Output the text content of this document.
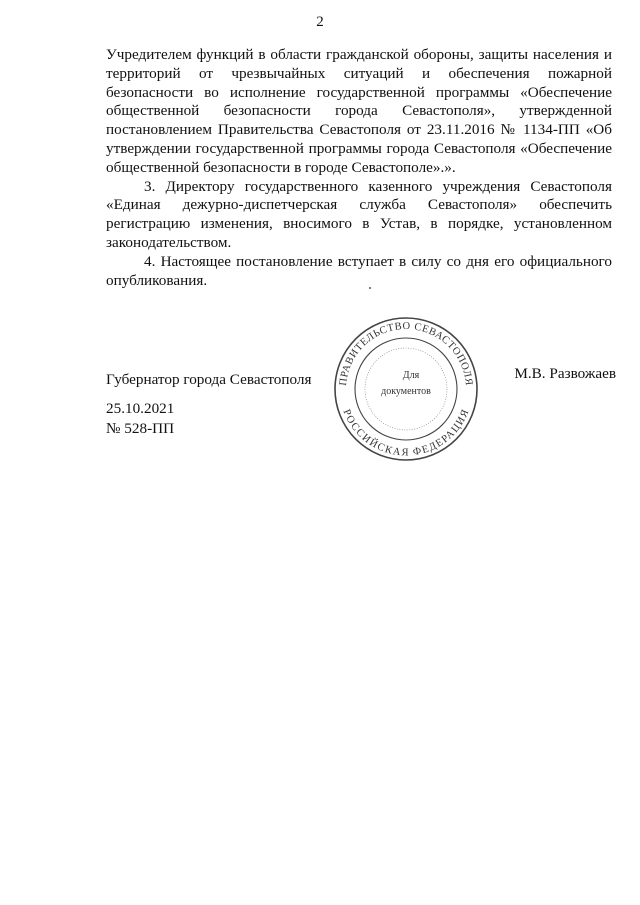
2

Учредителем функций в области гражданской обороны, защиты населения и территорий от чрезвычайных ситуаций и обеспечения пожарной безопасности во исполнение государственной программы «Обеспечение общественной безопасности города Севастополя», утвержденной постановлением Правительства Севастополя от 23.11.2016 № 1134-ПП «Об утверждении государственной программы города Севастополя «Обеспечение общественной безопасности в городе Севастополе».».

3. Директору государственного казенного учреждения Севастополя «Единая дежурно-диспетчерская служба Севастополя» обеспечить регистрацию изменения, вносимого в Устав, в порядке, установленном законодательством.

4. Настоящее постановление вступает в силу со дня его официального опубликования.

Губернатор города Севастополя	М.В. Развожаев
ПРАВИТЕЛЬСТВО СЕВАСТОПОЛЯ
РОССИЙСКАЯ ФЕДЕРАЦИЯ
Для
документов
25.10.2021
№ 528-ПП
